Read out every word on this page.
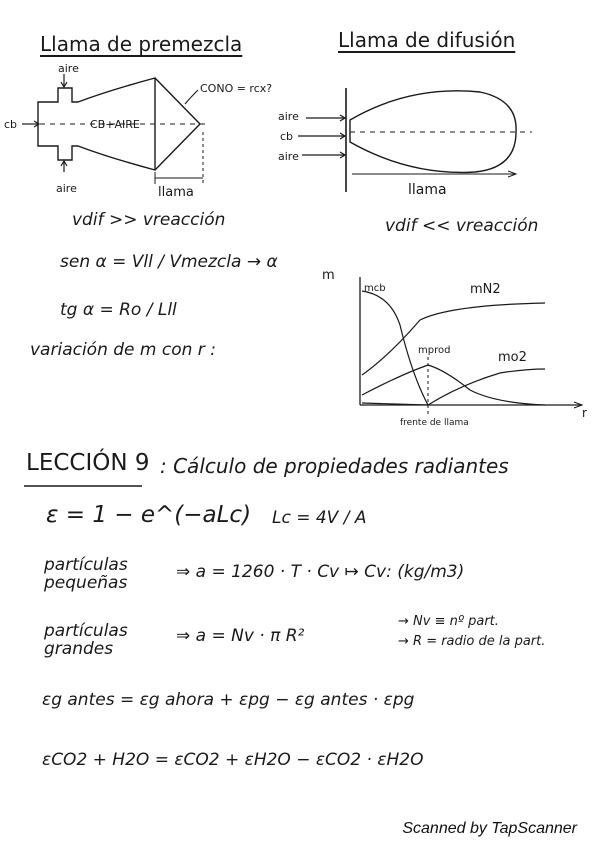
Llama de premezcla	Llama de difusión
aire
aire
cb	CB+AIRE
CONO = rcx?
llama
aire
cb
aire
llama
vdif >> vreacción
sen α = Vll / Vmezcla → α
tg α = Ro / Lll
variación de m con r :
vdif << vreacción
m
r
mcb	mN2
mprod	mo2
frente de llama
LECCIÓN 9 : Cálculo de propiedades radiantes
ε = 1 − e^(−aLc) Lc = 4V / A
partículas pequeñas
⇒ a = 1260 · T · Cv ↦ Cv: (kg/m3)
partículas grandes
⇒ a = Nv · π R²
→ Nv ≡ nº part.
→ R = radio de la part.
εg antes = εg ahora + εpg − εg antes · εpg
εCO2 + H2O = εCO2 + εH2O − εCO2 · εH2O
Scanned by TapScanner
